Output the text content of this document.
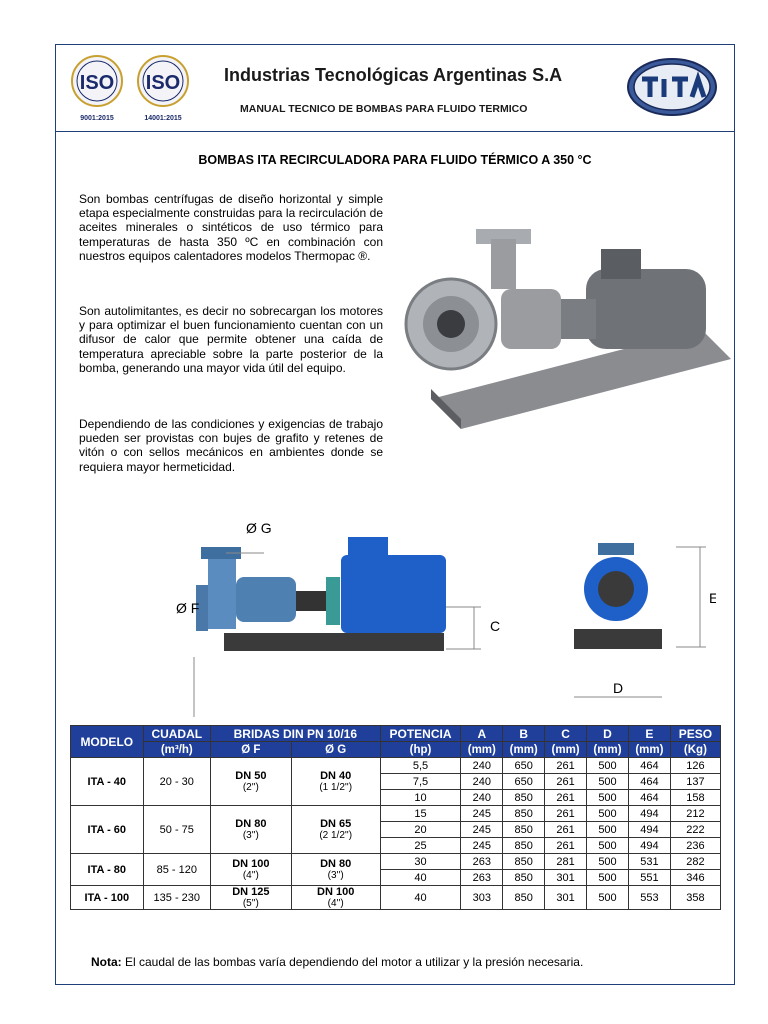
ISO
9001:2015
ISO
14001:2015
Industrias Tecnológicas Argentinas S.A
MANUAL TECNICO DE BOMBAS PARA FLUIDO TERMICO
BOMBAS ITA RECIRCULADORA PARA FLUIDO TÉRMICO A 350 °C
Son bombas centrífugas de diseño horizontal y simple etapa especialmente construidas para la recirculación de aceites minerales o sintéticos de uso térmico para temperaturas de hasta 350 ºC en combinación con nuestros equipos calentadores modelos Thermopac ®.
Son autolimitantes, es decir no sobrecargan los motores y para optimizar el buen funcionamiento cuentan con un difusor de calor que permite obtener una caída de temperatura apreciable sobre la parte posterior de la bomba, generando una mayor vida útil del equipo.
Dependiendo de las condiciones y exigencias de trabajo pueden ser provistas con bujes de grafito y retenes de vitón o con sellos mecánicos en ambientes donde se requiera mayor hermeticidad.
C
Ø F
Ø G
E
D
MODELO	CUADAL	BRIDAS DIN PN 10/16		POTENCIA	A	B	C	D	E	PESO
	(m³/h)	Ø F	Ø G	(hp)	(mm)	(mm)	(mm)	(mm)	(mm)	(Kg)
ITA - 40	20 - 30	DN 50
(2'')	DN 40
(1 1/2'')	5,5	240	650	261	500	464	126
				7,5	240	650	261	500	464	137
				10	240	850	261	500	464	158
ITA - 60	50 - 75	DN 80
(3'')	DN 65
(2 1/2'')	15	245	850	261	500	494	212
				20	245	850	261	500	494	222
				25	245	850	261	500	494	236
ITA - 80	85 - 120	DN 100
(4'')	DN 80
(3'')	30	263	850	281	500	531	282
				40	263	850	301	500	551	346
ITA - 100	135 - 230	DN 125
(5'')	DN 100
(4'')	40	303	850	301	500	553	358
Nota: El caudal de las bombas varía dependiendo del motor a utilizar y la presión necesaria.
